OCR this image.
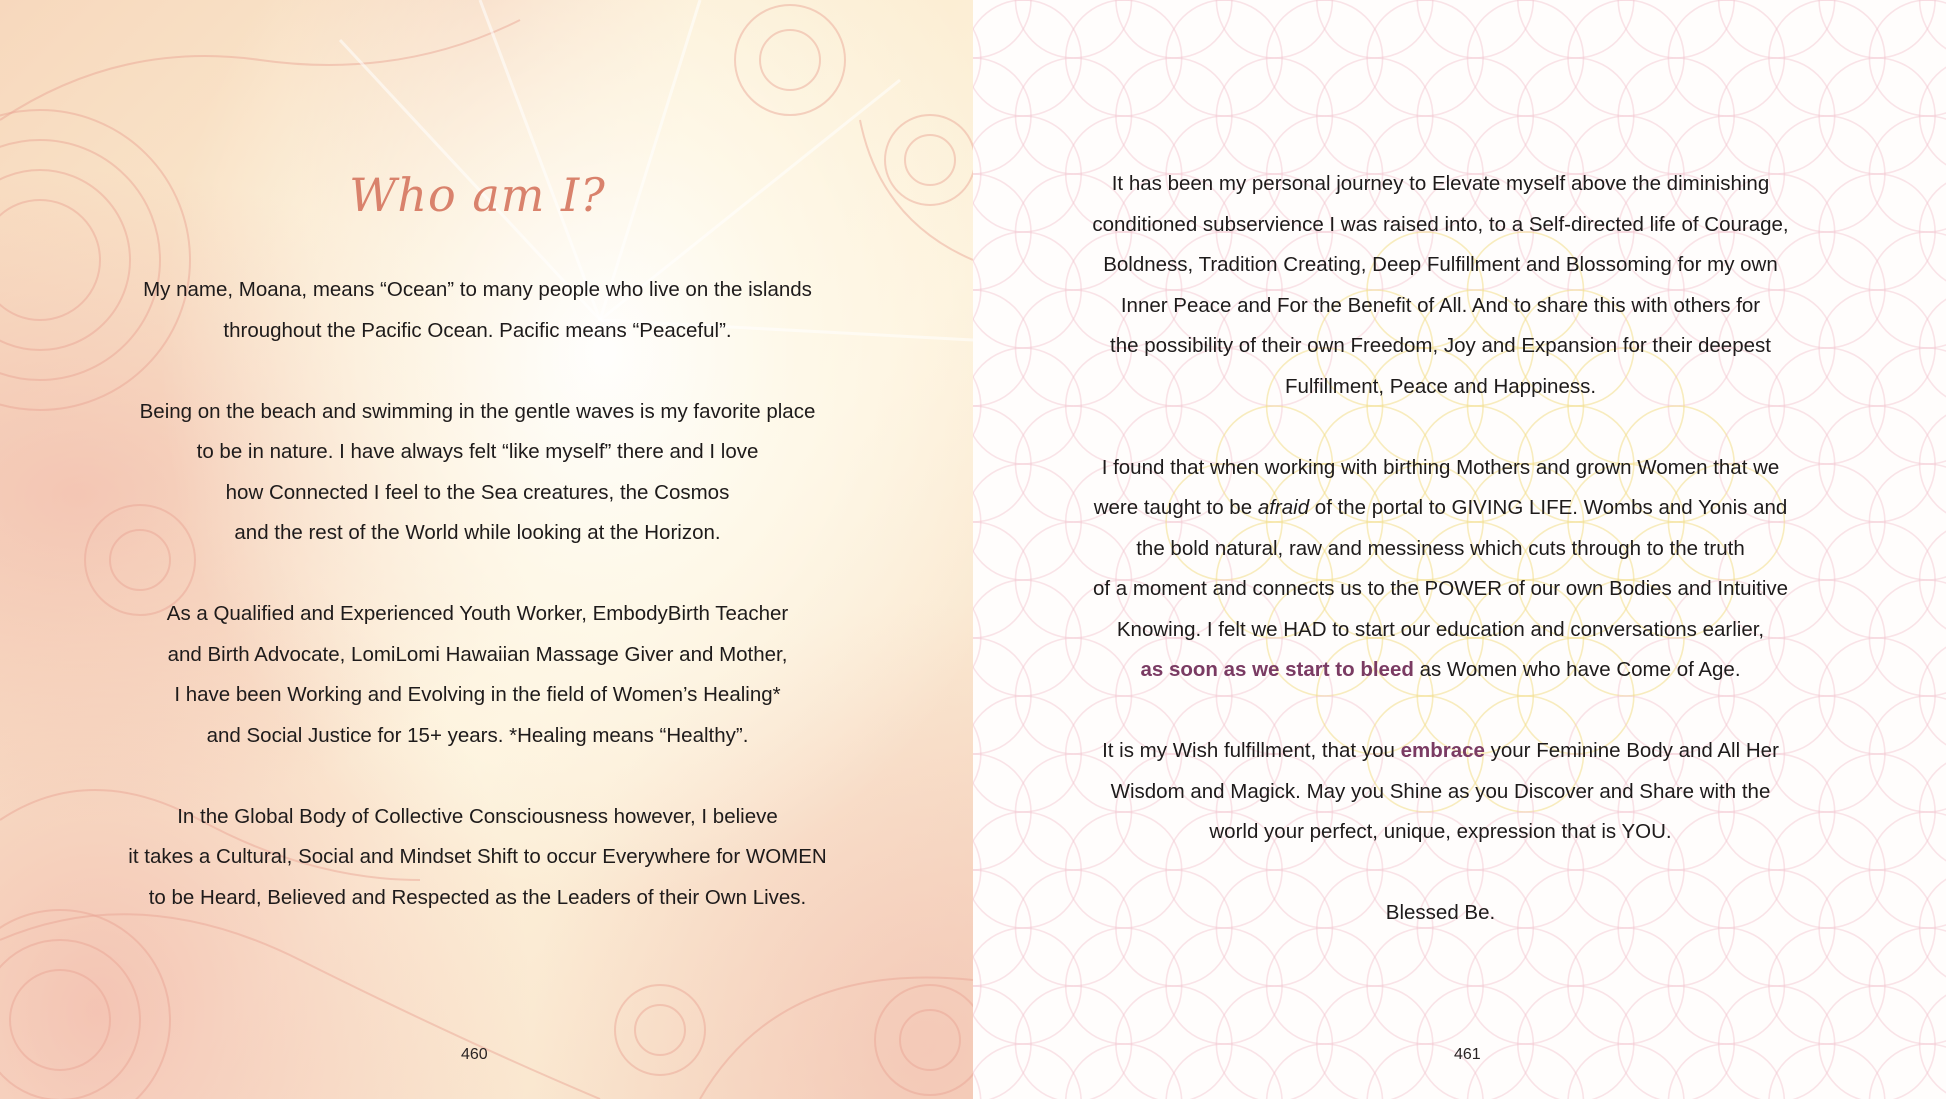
Who am I?

My name, Moana, means “Ocean” to many people who live on the islands
throughout the Pacific Ocean. Pacific means “Peaceful”.

Being on the beach and swimming in the gentle waves is my favorite place
to be in nature. I have always felt “like myself” there and I love
how Connected I feel to the Sea creatures, the Cosmos
and the rest of the World while looking at the Horizon.

As a Qualified and Experienced Youth Worker, EmbodyBirth Teacher
and Birth Advocate, LomiLomi Hawaiian Massage Giver and Mother,
I have been Working and Evolving in the field of Women’s Healing*
and Social Justice for 15+ years. *Healing means “Healthy”.

In the Global Body of Collective Consciousness however, I believe
it takes a Cultural, Social and Mindset Shift to occur Everywhere for WOMEN
to be Heard, Believed and Respected as the Leaders of their Own Lives.

460

It has been my personal journey to Elevate myself above the diminishing
conditioned subservience I was raised into, to a Self-directed life of Courage,
Boldness, Tradition Creating, Deep Fulfillment and Blossoming for my own
Inner Peace and For the Benefit of All. And to share this with others for
the possibility of their own Freedom, Joy and Expansion for their deepest
Fulfillment, Peace and Happiness.

I found that when working with birthing Mothers and grown Women that we
were taught to be afraid of the portal to GIVING LIFE. Wombs and Yonis and
the bold natural, raw and messiness which cuts through to the truth
of a moment and connects us to the POWER of our own Bodies and Intuitive
Knowing. I felt we HAD to start our education and conversations earlier,
as soon as we start to bleed as Women who have Come of Age.

It is my Wish fulfillment, that you embrace your Feminine Body and All Her
Wisdom and Magick. May you Shine as you Discover and Share with the
world your perfect, unique, expression that is YOU.

Blessed Be.

461
